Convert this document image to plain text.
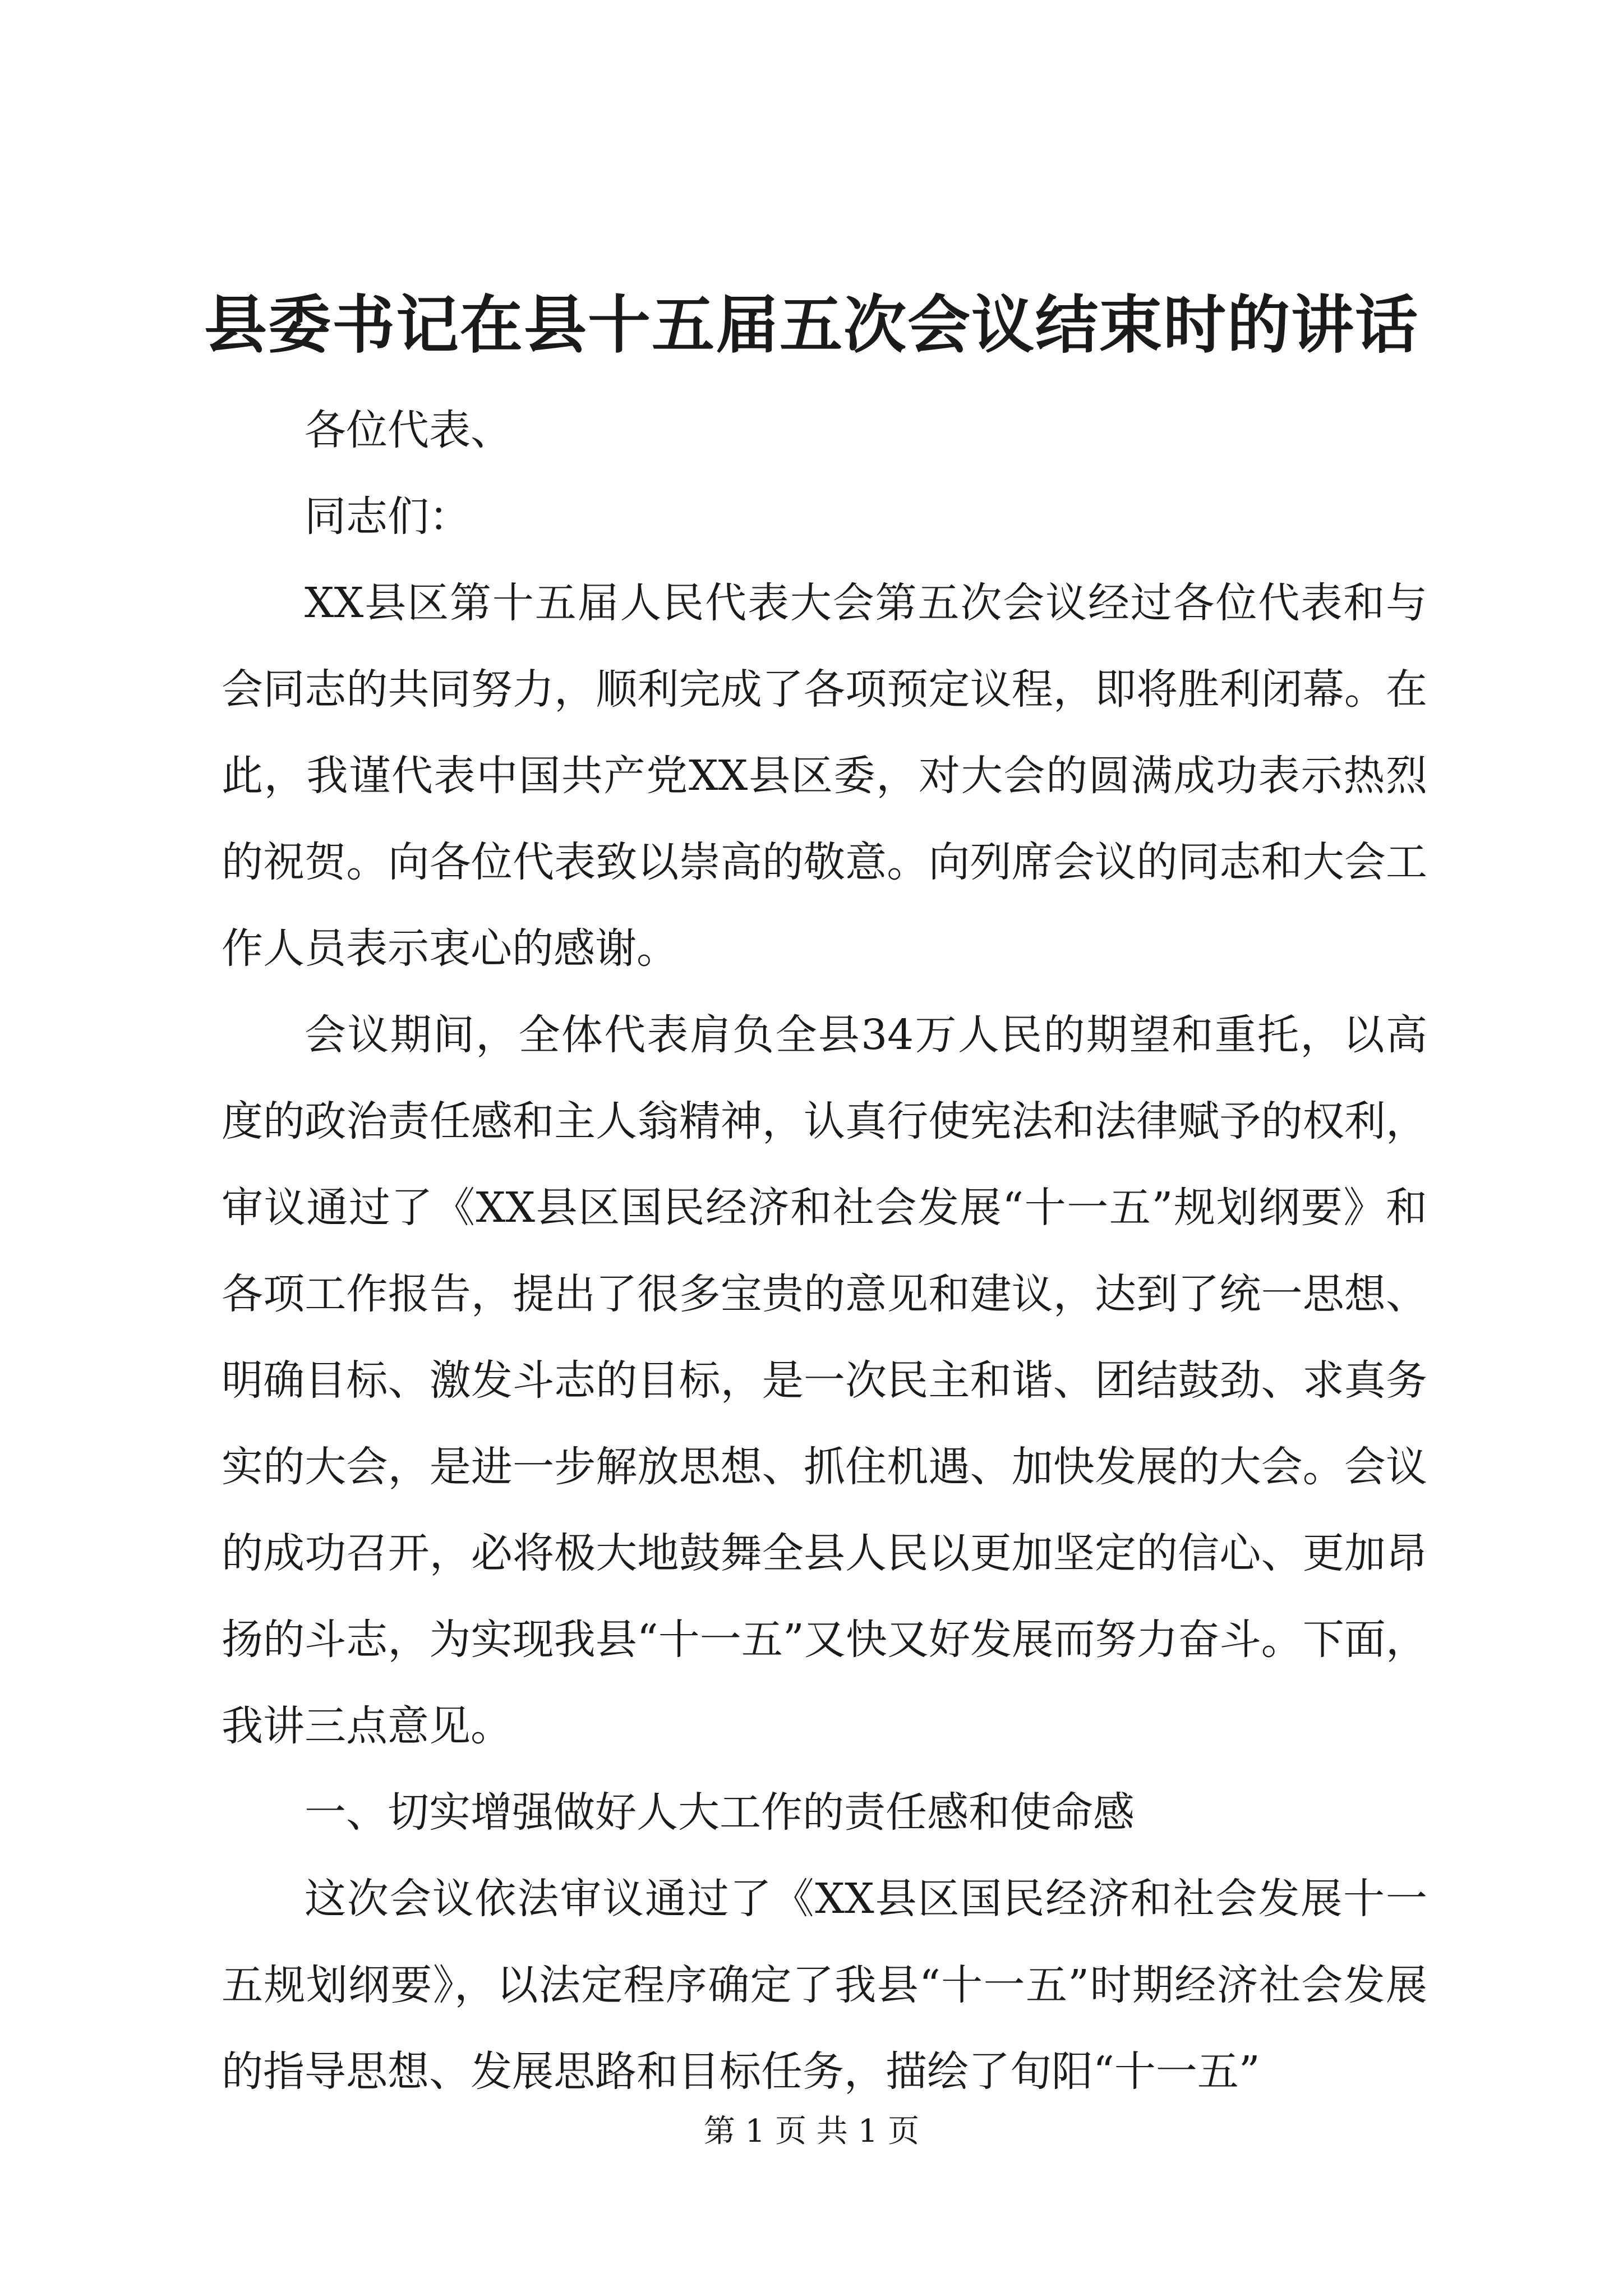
县委书记在县十五届五次会议结束时的讲话

各位代表、

同志们：

XX县区第十五届人民代表大会第五次会议经过各位代表和与会同志的共同努力，顺利完成了各项预定议程，即将胜利闭幕。在此，我谨代表中国共产党XX县区委，对大会的圆满成功表示热烈的祝贺。向各位代表致以崇高的敬意。向列席会议的同志和大会工作人员表示衷心的感谢。

会议期间，全体代表肩负全县34万人民的期望和重托，以高度的政治责任感和主人翁精神，认真行使宪法和法律赋予的权利，审议通过了《XX县区国民经济和社会发展“十一五”规划纲要》和各项工作报告，提出了很多宝贵的意见和建议，达到了统一思想、明确目标、激发斗志的目标，是一次民主和谐、团结鼓劲、求真务实的大会，是进一步解放思想、抓住机遇、加快发展的大会。会议的成功召开，必将极大地鼓舞全县人民以更加坚定的信心、更加昂扬的斗志，为实现我县“十一五”又快又好发展而努力奋斗。下面，我讲三点意见。

一、切实增强做好人大工作的责任感和使命感

这次会议依法审议通过了《XX县区国民经济和社会发展十一五规划纲要》，以法定程序确定了我县“十一五”时期经济社会发展的指导思想、发展思路和目标任务，描绘了旬阳“十一五”

第 1 页 共 1 页
